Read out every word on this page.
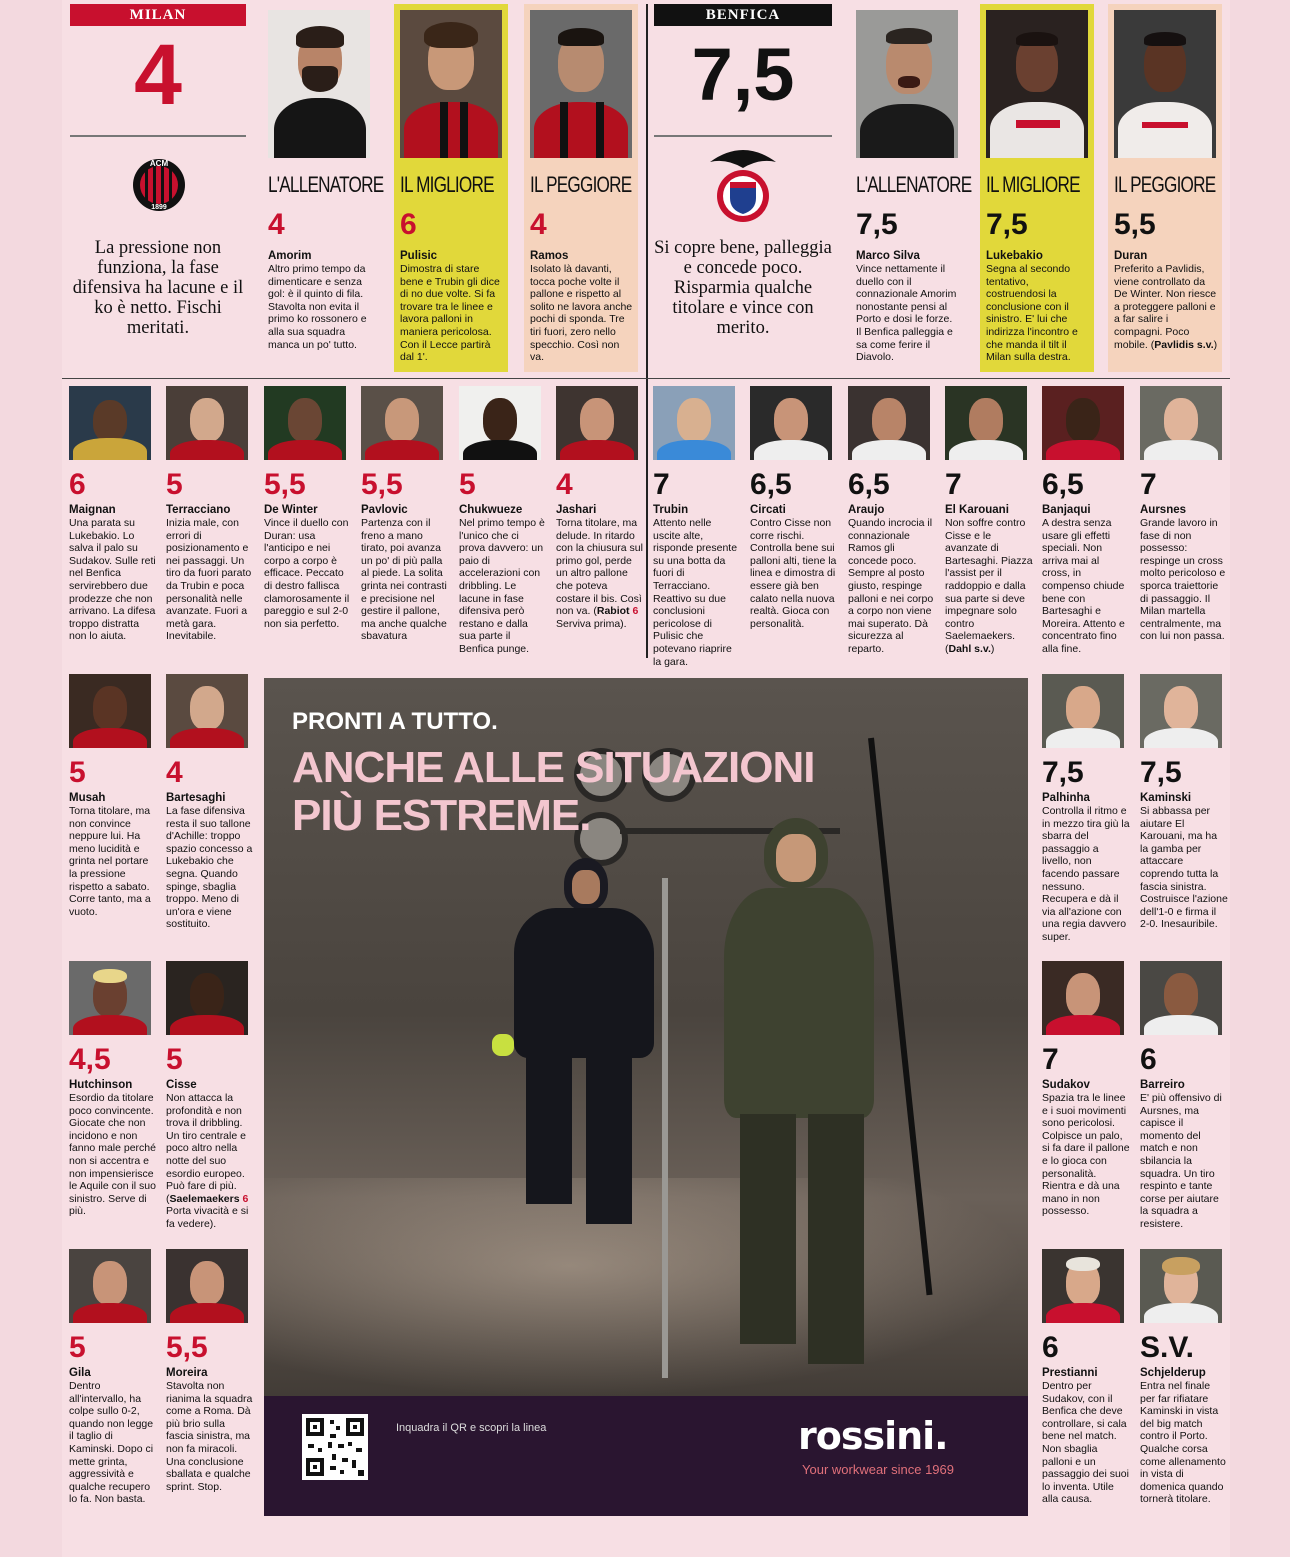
MILAN
4
ACM
1899
La pressione non funziona, la fase difensiva ha lacune e il ko è netto. Fischi meritati.
L'ALLENATORE
4
Amorim
Altro primo tempo da dimenticare e senza gol: è il quinto di fila. Stavolta non evita il primo ko rossonero e alla sua squadra manca un po' tutto.
IL MIGLIORE
6
Pulisic
Dimostra di stare bene e Trubin gli dice di no due volte. Si fa trovare tra le linee e lavora palloni in maniera pericolosa. Con il Lecce partirà dal 1'.
IL PEGGIORE
4
Ramos
Isolato là davanti, tocca poche volte il pallone e rispetto al solito ne lavora anche pochi di sponda. Tre tiri fuori, zero nello specchio. Così non va.
BENFICA
7,5
Si copre bene, palleggia e concede poco. Risparmia qualche titolare e vince con merito.
L'ALLENATORE
7,5
Marco Silva
Vince nettamente il duello con il connazionale Amorim nonostante pensi al Porto e dosi le forze. Il Benfica palleggia e sa come ferire il Diavolo.
IL MIGLIORE
7,5
Lukebakio
Segna al secondo tentativo, costruendosi la conclusione con il sinistro. E' lui che indirizza l'incontro e che manda il tilt il Milan sulla destra.
IL PEGGIORE
5,5
Duran
Preferito a Pavlidis, viene controllato da De Winter. Non riesce a proteggere palloni e a far salire i compagni. Poco mobile. (Pavlidis s.v.)
6
Maignan
Una parata su Lukebakio. Lo salva il palo su Sudakov. Sulle reti nel Benfica servirebbero due prodezze che non arrivano. La difesa troppo distratta non lo aiuta.
5
Terracciano
Inizia male, con errori di posizionamento e nei passaggi. Un tiro da fuori parato da Trubin e poca personalità nelle avanzate. Fuori a metà gara. Inevitabile.
5,5
De Winter
Vince il duello con Duran: usa l'anticipo e nei corpo a corpo è efficace. Peccato di destro fallisca clamorosamente il pareggio e sul 2-0 non sia perfetto.
5,5
Pavlovic
Partenza con il freno a mano tirato, poi avanza un po' di più palla al piede. La solita grinta nei contrasti e precisione nel gestire il pallone, ma anche qualche sbavatura
5
Chukwueze
Nel primo tempo è l'unico che ci prova davvero: un paio di accelerazioni con dribbling. Le lacune in fase difensiva però restano e dalla sua parte il Benfica punge.
4
Jashari
Torna titolare, ma delude. In ritardo con la chiusura sul primo gol, perde un altro pallone che poteva costare il bis. Così non va. (Rabiot 6 Serviva prima).
7
Trubin
Attento nelle uscite alte, risponde presente su una botta da fuori di Terracciano. Reattivo su due conclusioni pericolose di Pulisic che potevano riaprire la gara.
6,5
Circati
Contro Cisse non corre rischi. Controlla bene sui palloni alti, tiene la linea e dimostra di essere già ben calato nella nuova realtà. Gioca con personalità.
6,5
Araujo
Quando incrocia il connazionale Ramos gli concede poco. Sempre al posto giusto, respinge palloni e nei corpo a corpo non viene mai superato. Dà sicurezza al reparto.
7
El Karouani
Non soffre contro Cisse e le avanzate di Bartesaghi. Piazza l'assist per il raddoppio e dalla sua parte si deve impegnare solo contro Saelemaekers. (Dahl s.v.)
6,5
Banjaqui
A destra senza usare gli effetti speciali. Non arriva mai al cross, in compenso chiude bene con Bartesaghi e Moreira. Attento e concentrato fino alla fine.
7
Aursnes
Grande lavoro in fase di non possesso: respinge un cross molto pericoloso e sporca traiettorie di passaggio. Il Milan martella centralmente, ma con lui non passa.
5
Musah
Torna titolare, ma non convince neppure lui. Ha meno lucidità e grinta nel portare la pressione rispetto a sabato. Corre tanto, ma a vuoto.
4
Bartesaghi
La fase difensiva resta il suo tallone d'Achille: troppo spazio concesso a Lukebakio che segna. Quando spinge, sbaglia troppo. Meno di un'ora e viene sostituito.
4,5
Hutchinson
Esordio da titolare poco convincente. Giocate che non incidono e non fanno male perché non si accentra e non impensierisce le Aquile con il suo sinistro. Serve di più.
5
Cisse
Non attacca la profondità e non trova il dribbling. Un tiro centrale e poco altro nella notte del suo esordio europeo. Può fare di più. (Saelemaekers 6 Porta vivacità e si fa vedere).
5
Gila
Dentro all'intervallo, ha colpe sullo 0-2, quando non legge il taglio di Kaminski. Dopo ci mette grinta, aggressività e qualche recupero lo fa. Non basta.
5,5
Moreira
Stavolta non rianima la squadra come a Roma. Dà più brio sulla fascia sinistra, ma non fa miracoli. Una conclusione sballata e qualche sprint. Stop.
7,5
Palhinha
Controlla il ritmo e in mezzo tira giù la sbarra del passaggio a livello, non facendo passare nessuno. Recupera e dà il via all'azione con una regia davvero super.
7,5
Kaminski
Si abbassa per aiutare El Karouani, ma ha la gamba per attaccare coprendo tutta la fascia sinistra. Costruisce l'azione dell'1-0 e firma il 2-0. Inesauribile.
7
Sudakov
Spazia tra le linee e i suoi movimenti sono pericolosi. Colpisce un palo, si fa dare il pallone e lo gioca con personalità. Rientra e dà una mano in non possesso.
6
Barreiro
E' più offensivo di Aursnes, ma capisce il momento del match e non sbilancia la squadra. Un tiro respinto e tante corse per aiutare la squadra a resistere.
6
Prestianni
Dentro per Sudakov, con il Benfica che deve controllare, si cala bene nel match. Non sbaglia palloni e un passaggio dei suoi lo inventa. Utile alla causa.
S.V.
Schjelderup
Entra nel finale per far rifiatare Kaminski in vista del big match contro il Porto. Qualche corsa come allenamento in vista di domenica quando tornerà titolare.
PRONTI A TUTTO.
ANCHE ALLE SITUAZIONI
PIÙ ESTREME.
Inquadra il QR e scopri la linea	rossini.
Your workwear since 1969
